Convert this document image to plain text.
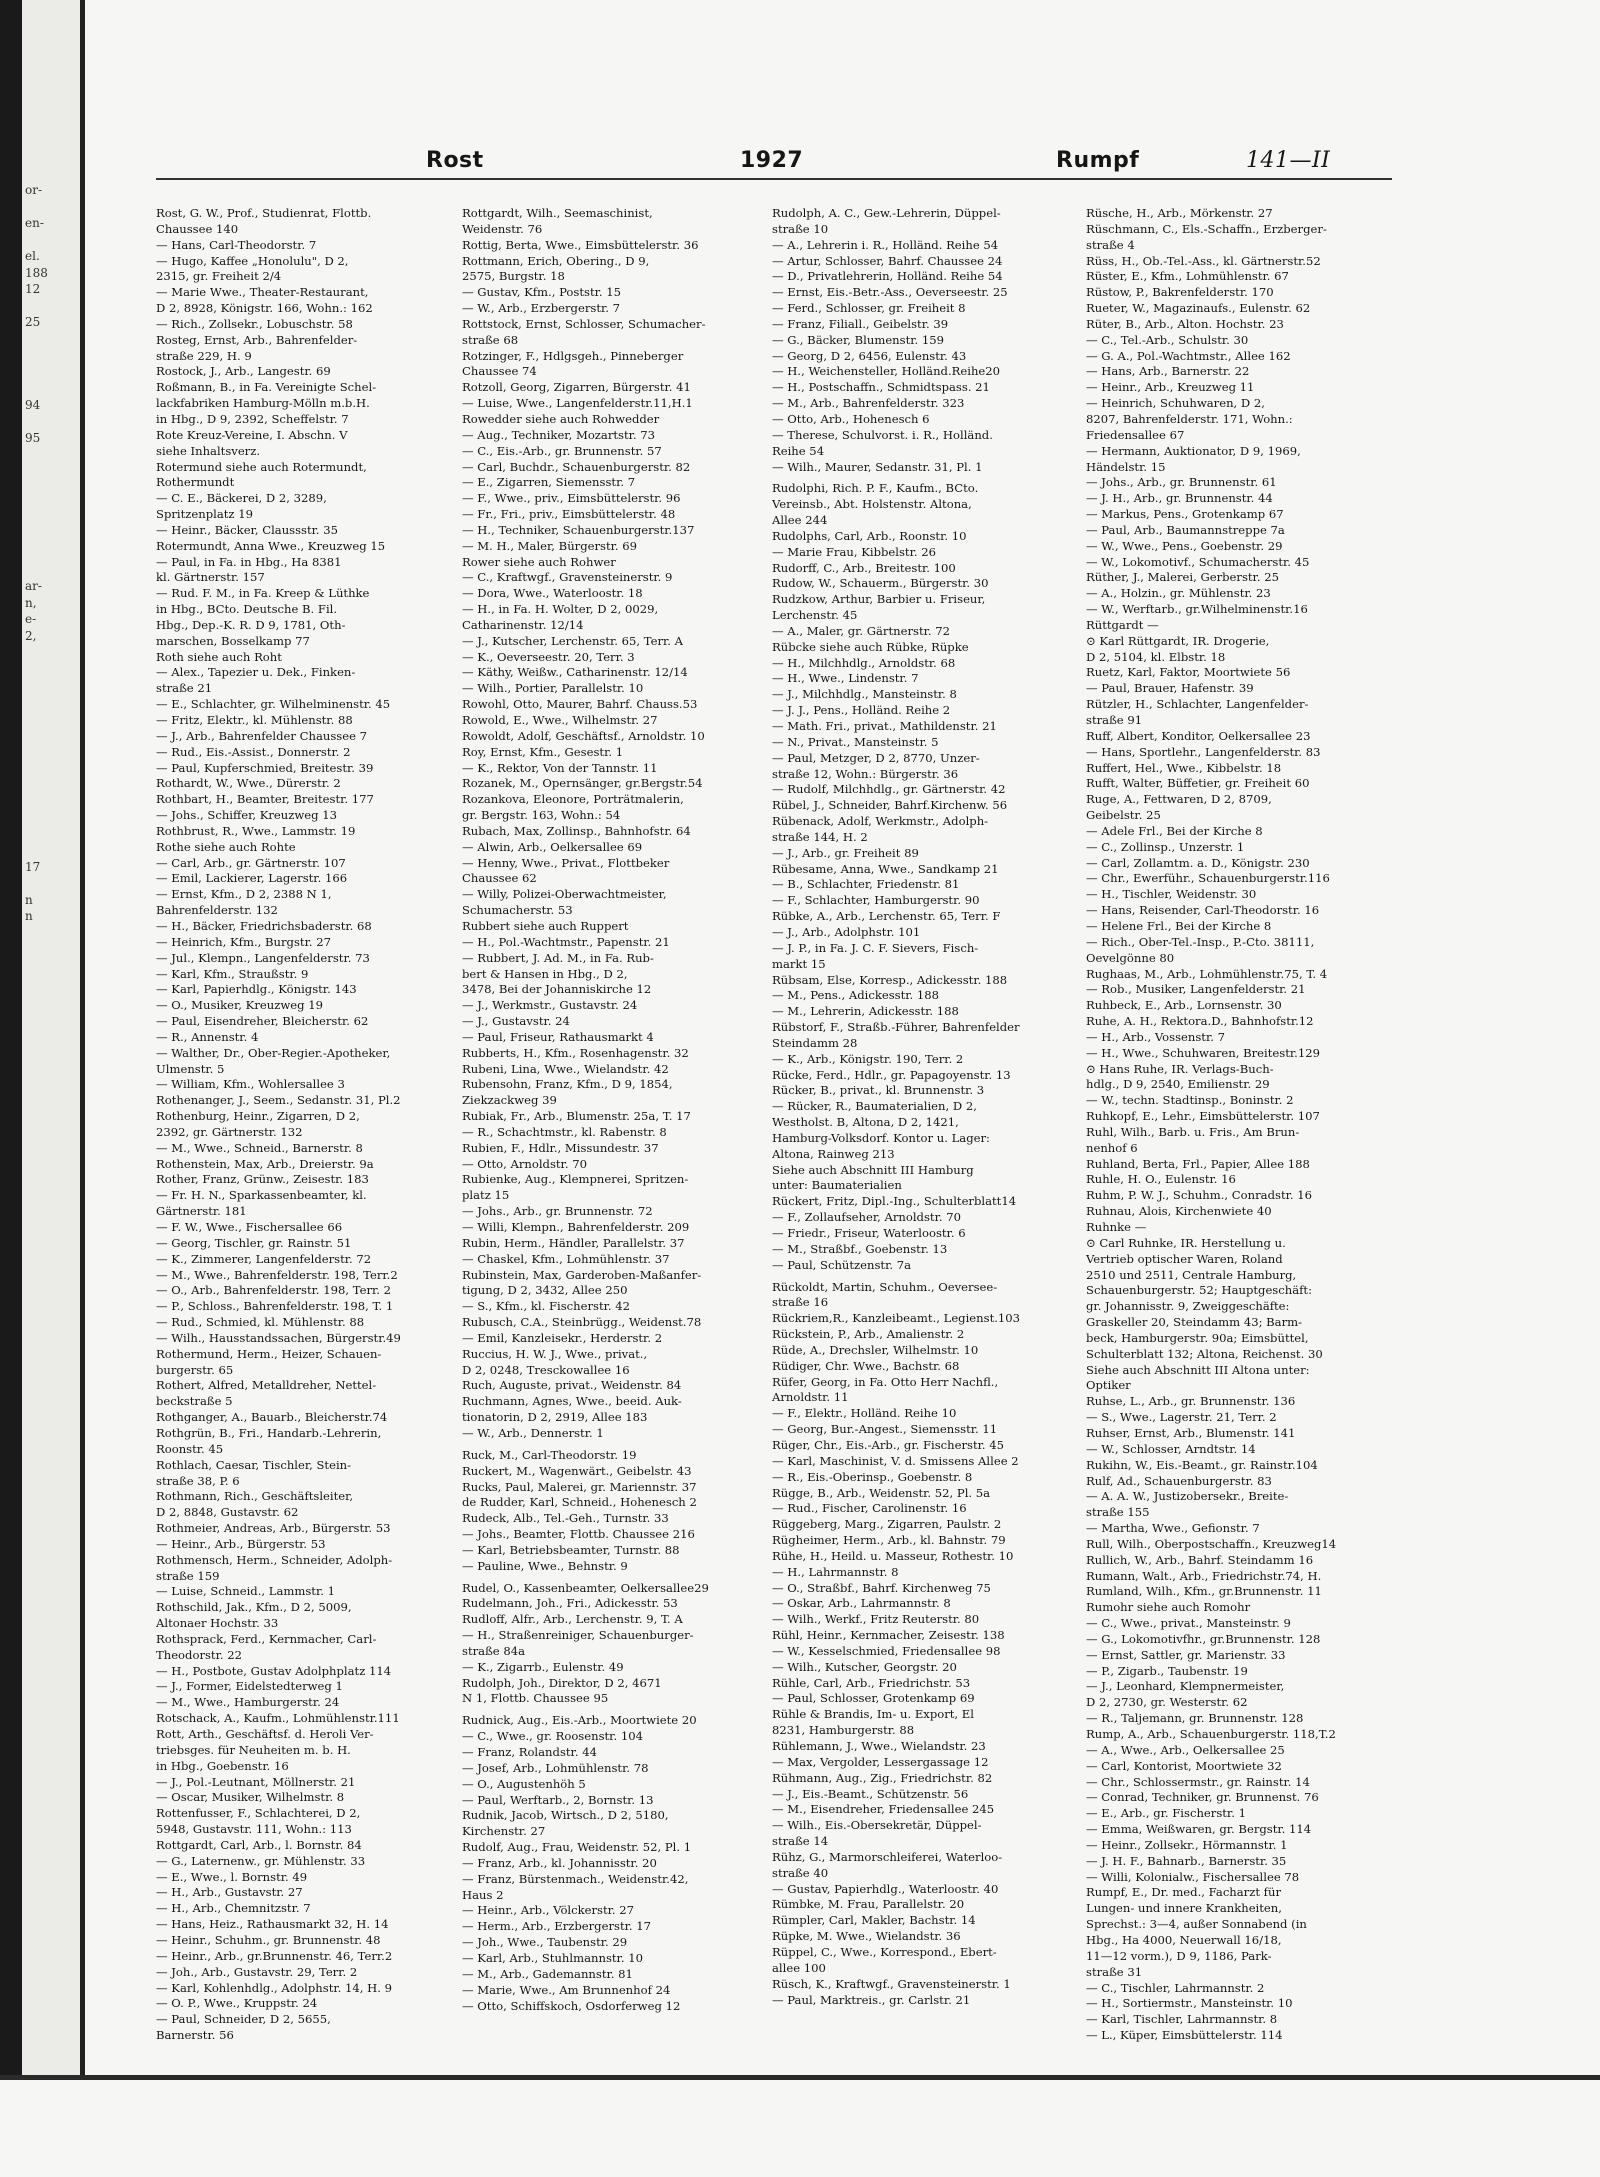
or-

en-

el.
188
12

25

94

95

ar-
n,
e-
2,

17

n
n
Rost	1927	Rumpf	141—II
Rost, G. W., Prof., Studienrat, Flottb.
Chaussee 140
— Hans, Carl-Theodorstr. 7
— Hugo, Kaffee „Honolulu", D 2,
2315, gr. Freiheit 2/4
— Marie Wwe., Theater-Restaurant,
D 2, 8928, Königstr. 166, Wohn.: 162
— Rich., Zollsekr., Lobuschstr. 58
Rosteg, Ernst, Arb., Bahrenfelder-
straße 229, H. 9
Rostock, J., Arb., Langestr. 69
Roßmann, B., in Fa. Vereinigte Schel-
lackfabriken Hamburg-Mölln m.b.H.
in Hbg., D 9, 2392, Scheffelstr. 7
Rote Kreuz-Vereine, I. Abschn. V
siehe Inhaltsverz.
Rotermund siehe auch Rotermundt,
Rothermundt
— C. E., Bäckerei, D 2, 3289,
Spritzenplatz 19
— Heinr., Bäcker, Claussstr. 35
Rotermundt, Anna Wwe., Kreuzweg 15
— Paul, in Fa. in Hbg., Ha 8381
kl. Gärtnerstr. 157
— Rud. F. M., in Fa. Kreep & Lüthke
in Hbg., BCto. Deutsche B. Fil.
Hbg., Dep.-K. R. D 9, 1781, Oth-
marschen, Bosselkamp 77
Roth siehe auch Roht
— Alex., Tapezier u. Dek., Finken-
straße 21
— E., Schlachter, gr. Wilhelminenstr. 45
— Fritz, Elektr., kl. Mühlenstr. 88
— J., Arb., Bahrenfelder Chaussee 7
— Rud., Eis.-Assist., Donnerstr. 2
— Paul, Kupferschmied, Breitestr. 39
Rothardt, W., Wwe., Dürerstr. 2
Rothbart, H., Beamter, Breitestr. 177
— Johs., Schiffer, Kreuzweg 13
Rothbrust, R., Wwe., Lammstr. 19
Rothe siehe auch Rohte
— Carl, Arb., gr. Gärtnerstr. 107
— Emil, Lackierer, Lagerstr. 166
— Ernst, Kfm., D 2, 2388 N 1,
Bahrenfelderstr. 132
— H., Bäcker, Friedrichsbaderstr. 68
— Heinrich, Kfm., Burgstr. 27
— Jul., Klempn., Langenfelderstr. 73
— Karl, Kfm., Straußstr. 9
— Karl, Papierhdlg., Königstr. 143
— O., Musiker, Kreuzweg 19
— Paul, Eisendreher, Bleicherstr. 62
— R., Annenstr. 4
— Walther, Dr., Ober-Regier.-Apotheker,
Ulmenstr. 5
— William, Kfm., Wohlersallee 3
Rothenanger, J., Seem., Sedanstr. 31, Pl.2
Rothenburg, Heinr., Zigarren, D 2,
2392, gr. Gärtnerstr. 132
— M., Wwe., Schneid., Barnerstr. 8
Rothenstein, Max, Arb., Dreierstr. 9a
Rother, Franz, Grünw., Zeisestr. 183
— Fr. H. N., Sparkassenbeamter, kl.
Gärtnerstr. 181
— F. W., Wwe., Fischersallee 66
— Georg, Tischler, gr. Rainstr. 51
— K., Zimmerer, Langenfelderstr. 72
— M., Wwe., Bahrenfelderstr. 198, Terr.2
— O., Arb., Bahrenfelderstr. 198, Terr. 2
— P., Schloss., Bahrenfelderstr. 198, T. 1
— Rud., Schmied, kl. Mühlenstr. 88
— Wilh., Hausstandssachen, Bürgerstr.49
Rothermund, Herm., Heizer, Schauen-
burgerstr. 65
Rothert, Alfred, Metalldreher, Nettel-
beckstraße 5
Rothganger, A., Bauarb., Bleicherstr.74
Rothgrün, B., Fri., Handarb.-Lehrerin,
Roonstr. 45
Rothlach, Caesar, Tischler, Stein-
straße 38, P. 6
Rothmann, Rich., Geschäftsleiter,
D 2, 8848, Gustavstr. 62
Rothmeier, Andreas, Arb., Bürgerstr. 53
— Heinr., Arb., Bürgerstr. 53
Rothmensch, Herm., Schneider, Adolph-
straße 159
— Luise, Schneid., Lammstr. 1
Rothschild, Jak., Kfm., D 2, 5009,
Altonaer Hochstr. 33
Rothsprack, Ferd., Kernmacher, Carl-
Theodorstr. 22
— H., Postbote, Gustav Adolphplatz 114
— J., Former, Eidelstedterweg 1
— M., Wwe., Hamburgerstr. 24
Rotschack, A., Kaufm., Lohmühlenstr.111
Rott, Arth., Geschäftsf. d. Heroli Ver-
triebsges. für Neuheiten m. b. H.
in Hbg., Goebenstr. 16
— J., Pol.-Leutnant, Möllnerstr. 21
— Oscar, Musiker, Wilhelmstr. 8
Rottenfusser, F., Schlachterei, D 2,
5948, Gustavstr. 111, Wohn.: 113
Rottgardt, Carl, Arb., l. Bornstr. 84
— G., Laternenw., gr. Mühlenstr. 33
— E., Wwe., l. Bornstr. 49
— H., Arb., Gustavstr. 27
— H., Arb., Chemnitzstr. 7
— Hans, Heiz., Rathausmarkt 32, H. 14
— Heinr., Schuhm., gr. Brunnenstr. 48
— Heinr., Arb., gr.Brunnenstr. 46, Terr.2
— Joh., Arb., Gustavstr. 29, Terr. 2
— Karl, Kohlenhdlg., Adolphstr. 14, H. 9
— O. P., Wwe., Kruppstr. 24
— Paul, Schneider, D 2, 5655,
Barnerstr. 56
Rottgardt, Wilh., Seemaschinist,
Weidenstr. 76
Rottig, Berta, Wwe., Eimsbüttelerstr. 36
Rottmann, Erich, Obering., D 9,
2575, Burgstr. 18
— Gustav, Kfm., Poststr. 15
— W., Arb., Erzbergerstr. 7
Rottstock, Ernst, Schlosser, Schumacher-
straße 68
Rotzinger, F., Hdlgsgeh., Pinneberger
Chaussee 74
Rotzoll, Georg, Zigarren, Bürgerstr. 41
— Luise, Wwe., Langenfelderstr.11,H.1
Rowedder siehe auch Rohwedder
— Aug., Techniker, Mozartstr. 73
— C., Eis.-Arb., gr. Brunnenstr. 57
— Carl, Buchdr., Schauenburgerstr. 82
— E., Zigarren, Siemensstr. 7
— F., Wwe., priv., Eimsbüttelerstr. 96
— Fr., Fri., priv., Eimsbüttelerstr. 48
— H., Techniker, Schauenburgerstr.137
— M. H., Maler, Bürgerstr. 69
Rower siehe auch Rohwer
— C., Kraftwgf., Gravensteinerstr. 9
— Dora, Wwe., Waterloostr. 18
— H., in Fa. H. Wolter, D 2, 0029,
Catharinenstr. 12/14
— J., Kutscher, Lerchenstr. 65, Terr. A
— K., Oeverseestr. 20, Terr. 3
— Käthy, Weißw., Catharinenstr. 12/14
— Wilh., Portier, Parallelstr. 10
Rowohl, Otto, Maurer, Bahrf. Chauss.53
Rowold, E., Wwe., Wilhelmstr. 27
Rowoldt, Adolf, Geschäftsf., Arnoldstr. 10
Roy, Ernst, Kfm., Gesestr. 1
— K., Rektor, Von der Tannstr. 11
Rozanek, M., Opernsänger, gr.Bergstr.54
Rozankova, Eleonore, Porträtmalerin,
gr. Bergstr. 163, Wohn.: 54
Rubach, Max, Zollinsp., Bahnhofstr. 64
— Alwin, Arb., Oelkersallee 69
— Henny, Wwe., Privat., Flottbeker
Chaussee 62
— Willy, Polizei-Oberwachtmeister,
Schumacherstr. 53
Rubbert siehe auch Ruppert
— H., Pol.-Wachtmstr., Papenstr. 21
— Rubbert, J. Ad. M., in Fa. Rub-
bert & Hansen in Hbg., D 2,
3478, Bei der Johanniskirche 12
— J., Werkmstr., Gustavstr. 24
— J., Gustavstr. 24
— Paul, Friseur, Rathausmarkt 4
Rubberts, H., Kfm., Rosenhagenstr. 32
Rubeni, Lina, Wwe., Wielandstr. 42
Rubensohn, Franz, Kfm., D 9, 1854,
Ziekzackweg 39
Rubiak, Fr., Arb., Blumenstr. 25a, T. 17
— R., Schachtmstr., kl. Rabenstr. 8
Rubien, F., Hdlr., Missundestr. 37
— Otto, Arnoldstr. 70
Rubienke, Aug., Klempnerei, Spritzen-
platz 15
— Johs., Arb., gr. Brunnenstr. 72
— Willi, Klempn., Bahrenfelderstr. 209
Rubin, Herm., Händler, Parallelstr. 37
— Chaskel, Kfm., Lohmühlenstr. 37
Rubinstein, Max, Garderoben-Maßanfer-
tigung, D 2, 3432, Allee 250
— S., Kfm., kl. Fischerstr. 42
Rubusch, C.A., Steinbrügg., Weidenst.78
— Emil, Kanzleisekr., Herderstr. 2
Ruccius, H. W. J., Wwe., privat.,
D 2, 0248, Tresckowallee 16
Ruch, Auguste, privat., Weidenstr. 84
Ruchmann, Agnes, Wwe., beeid. Auk-
tionatorin, D 2, 2919, Allee 183
— W., Arb., Dennerstr. 1
Ruck, M., Carl-Theodorstr. 19
Ruckert, M., Wagenwärt., Geibelstr. 43
Rucks, Paul, Malerei, gr. Mariennstr. 37
de Rudder, Karl, Schneid., Hohenesch 2
Rudeck, Alb., Tel.-Geh., Turnstr. 33
— Johs., Beamter, Flottb. Chaussee 216
— Karl, Betriebsbeamter, Turnstr. 88
— Pauline, Wwe., Behnstr. 9
Rudel, O., Kassenbeamter, Oelkersallee29
Rudelmann, Joh., Fri., Adickesstr. 53
Rudloff, Alfr., Arb., Lerchenstr. 9, T. A
— H., Straßenreiniger, Schauenburger-
straße 84a
— K., Zigarrb., Eulenstr. 49
Rudolph, Joh., Direktor, D 2, 4671
N 1, Flottb. Chaussee 95
Rudnick, Aug., Eis.-Arb., Moortwiete 20
— C., Wwe., gr. Roosenstr. 104
— Franz, Rolandstr. 44
— Josef, Arb., Lohmühlenstr. 78
— O., Augustenhöh 5
— Paul, Werftarb., 2, Bornstr. 13
Rudnik, Jacob, Wirtsch., D 2, 5180,
Kirchenstr. 27
Rudolf, Aug., Frau, Weidenstr. 52, Pl. 1
— Franz, Arb., kl. Johannisstr. 20
— Franz, Bürstenmach., Weidenstr.42,
Haus 2
— Heinr., Arb., Völckerstr. 27
— Herm., Arb., Erzbergerstr. 17
— Joh., Wwe., Taubenstr. 29
— Karl, Arb., Stuhlmannstr. 10
— M., Arb., Gademannstr. 81
— Marie, Wwe., Am Brunnenhof 24
— Otto, Schiffskoch, Osdorferweg 12
Rudolph, A. C., Gew.-Lehrerin, Düppel-
straße 10
— A., Lehrerin i. R., Holländ. Reihe 54
— Artur, Schlosser, Bahrf. Chaussee 24
— D., Privatlehrerin, Holländ. Reihe 54
— Ernst, Eis.-Betr.-Ass., Oeverseestr. 25
— Ferd., Schlosser, gr. Freiheit 8
— Franz, Filiall., Geibelstr. 39
— G., Bäcker, Blumenstr. 159
— Georg, D 2, 6456, Eulenstr. 43
— H., Weichensteller, Holländ.Reihe20
— H., Postschaffn., Schmidtspass. 21
— M., Arb., Bahrenfelderstr. 323
— Otto, Arb., Hohenesch 6
— Therese, Schulvorst. i. R., Holländ.
Reihe 54
— Wilh., Maurer, Sedanstr. 31, Pl. 1
Rudolphi, Rich. P. F., Kaufm., BCto.
Vereinsb., Abt. Holstenstr. Altona,
Allee 244
Rudolphs, Carl, Arb., Roonstr. 10
— Marie Frau, Kibbelstr. 26
Rudorff, C., Arb., Breitestr. 100
Rudow, W., Schauerm., Bürgerstr. 30
Rudzkow, Arthur, Barbier u. Friseur,
Lerchenstr. 45
— A., Maler, gr. Gärtnerstr. 72
Rübcke siehe auch Rübke, Rüpke
— H., Milchhdlg., Arnoldstr. 68
— H., Wwe., Lindenstr. 7
— J., Milchhdlg., Mansteinstr. 8
— J. J., Pens., Holländ. Reihe 2
— Math. Fri., privat., Mathildenstr. 21
— N., Privat., Mansteinstr. 5
— Paul, Metzger, D 2, 8770, Unzer-
straße 12, Wohn.: Bürgerstr. 36
— Rudolf, Milchhdlg., gr. Gärtnerstr. 42
Rübel, J., Schneider, Bahrf.Kirchenw. 56
Rübenack, Adolf, Werkmstr., Adolph-
straße 144, H. 2
— J., Arb., gr. Freiheit 89
Rübesame, Anna, Wwe., Sandkamp 21
— B., Schlachter, Friedenstr. 81
— F., Schlachter, Hamburgerstr. 90
Rübke, A., Arb., Lerchenstr. 65, Terr. F
— J., Arb., Adolphstr. 101
— J. P., in Fa. J. C. F. Sievers, Fisch-
markt 15
Rübsam, Else, Korresp., Adickesstr. 188
— M., Pens., Adickesstr. 188
— M., Lehrerin, Adickesstr. 188
Rübstorf, F., Straßb.-Führer, Bahrenfelder
Steindamm 28
— K., Arb., Königstr. 190, Terr. 2
Rücke, Ferd., Hdlr., gr. Papagoyenstr. 13
Rücker, B., privat., kl. Brunnenstr. 3
— Rücker, R., Baumaterialien, D 2,
Westholst. B, Altona, D 2, 1421,
Hamburg-Volksdorf. Kontor u. Lager:
Altona, Rainweg 213
Siehe auch Abschnitt III Hamburg
unter: Baumaterialien
Rückert, Fritz, Dipl.-Ing., Schulterblatt14
— F., Zollaufseher, Arnoldstr. 70
— Friedr., Friseur, Waterloostr. 6
— M., Straßbf., Goebenstr. 13
— Paul, Schützenstr. 7a
Rückoldt, Martin, Schuhm., Oeversee-
straße 16
Rückriem,R., Kanzleibeamt., Legienst.103
Rückstein, P., Arb., Amalienstr. 2
Rüde, A., Drechsler, Wilhelmstr. 10
Rüdiger, Chr. Wwe., Bachstr. 68
Rüfer, Georg, in Fa. Otto Herr Nachfl.,
Arnoldstr. 11
— F., Elektr., Holländ. Reihe 10
— Georg, Bur.-Angest., Siemensstr. 11
Rüger, Chr., Eis.-Arb., gr. Fischerstr. 45
— Karl, Maschinist, V. d. Smissens Allee 2
— R., Eis.-Oberinsp., Goebenstr. 8
Rügge, B., Arb., Weidenstr. 52, Pl. 5a
— Rud., Fischer, Carolinenstr. 16
Rüggeberg, Marg., Zigarren, Paulstr. 2
Rügheimer, Herm., Arb., kl. Bahnstr. 79
Rühe, H., Heild. u. Masseur, Rothestr. 10
— H., Lahrmannstr. 8
— O., Straßbf., Bahrf. Kirchenweg 75
— Oskar, Arb., Lahrmannstr. 8
— Wilh., Werkf., Fritz Reuterstr. 80
Rühl, Heinr., Kernmacher, Zeisestr. 138
— W., Kesselschmied, Friedensallee 98
— Wilh., Kutscher, Georgstr. 20
Rühle, Carl, Arb., Friedrichstr. 53
— Paul, Schlosser, Grotenkamp 69
Rühle & Brandis, Im- u. Export, El
8231, Hamburgerstr. 88
Rühlemann, J., Wwe., Wielandstr. 23
— Max, Vergolder, Lessergassage 12
Rühmann, Aug., Zig., Friedrichstr. 82
— J., Eis.-Beamt., Schützenstr. 56
— M., Eisendreher, Friedensallee 245
— Wilh., Eis.-Obersekretär, Düppel-
straße 14
Rühz, G., Marmorschleiferei, Waterloo-
straße 40
— Gustav, Papierhdlg., Waterloostr. 40
Rümbke, M. Frau, Parallelstr. 20
Rümpler, Carl, Makler, Bachstr. 14
Rüpke, M. Wwe., Wielandstr. 36
Rüppel, C., Wwe., Korrespond., Ebert-
allee 100
Rüsch, K., Kraftwgf., Gravensteinerstr. 1
— Paul, Marktreis., gr. Carlstr. 21
Rüsche, H., Arb., Mörkenstr. 27
Rüschmann, C., Els.-Schaffn., Erzberger-
straße 4
Rüss, H., Ob.-Tel.-Ass., kl. Gärtnerstr.52
Rüster, E., Kfm., Lohmühlenstr. 67
Rüstow, P., Bakrenfelderstr. 170
Rueter, W., Magazinaufs., Eulenstr. 62
Rüter, B., Arb., Alton. Hochstr. 23
— C., Tel.-Arb., Schulstr. 30
— G. A., Pol.-Wachtmstr., Allee 162
— Hans, Arb., Barnerstr. 22
— Heinr., Arb., Kreuzweg 11
— Heinrich, Schuhwaren, D 2,
8207, Bahrenfelderstr. 171, Wohn.:
Friedensallee 67
— Hermann, Auktionator, D 9, 1969,
Händelstr. 15
— Johs., Arb., gr. Brunnenstr. 61
— J. H., Arb., gr. Brunnenstr. 44
— Markus, Pens., Grotenkamp 67
— Paul, Arb., Baumannstreppe 7a
— W., Wwe., Pens., Goebenstr. 29
— W., Lokomotivf., Schumacherstr. 45
Rüther, J., Malerei, Gerberstr. 25
— A., Holzin., gr. Mühlenstr. 23
— W., Werftarb., gr.Wilhelminenstr.16
Rüttgardt —
⊙ Karl Rüttgardt, IR. Drogerie,
D 2, 5104, kl. Elbstr. 18
Ruetz, Karl, Faktor, Moortwiete 56
— Paul, Brauer, Hafenstr. 39
Rützler, H., Schlachter, Langenfelder-
straße 91
Ruff, Albert, Konditor, Oelkersallee 23
— Hans, Sportlehr., Langenfelderstr. 83
Ruffert, Hel., Wwe., Kibbelstr. 18
Rufft, Walter, Büffetier, gr. Freiheit 60
Ruge, A., Fettwaren, D 2, 8709,
Geibelstr. 25
— Adele Frl., Bei der Kirche 8
— C., Zollinsp., Unzerstr. 1
— Carl, Zollamtm. a. D., Königstr. 230
— Chr., Ewerführ., Schauenburgerstr.116
— H., Tischler, Weidenstr. 30
— Hans, Reisender, Carl-Theodorstr. 16
— Helene Frl., Bei der Kirche 8
— Rich., Ober-Tel.-Insp., P.-Cto. 38111,
Oevelgönne 80
Rughaas, M., Arb., Lohmühlenstr.75, T. 4
— Rob., Musiker, Langenfelderstr. 21
Ruhbeck, E., Arb., Lornsenstr. 30
Ruhe, A. H., Rektora.D., Bahnhofstr.12
— H., Arb., Vossenstr. 7
— H., Wwe., Schuhwaren, Breitestr.129
⊙ Hans Ruhe, IR. Verlags-Buch-
hdlg., D 9, 2540, Emilienstr. 29
— W., techn. Stadtinsp., Boninstr. 2
Ruhkopf, E., Lehr., Eimsbüttelerstr. 107
Ruhl, Wilh., Barb. u. Fris., Am Brun-
nenhof 6
Ruhland, Berta, Frl., Papier, Allee 188
Ruhle, H. O., Eulenstr. 16
Ruhm, P. W. J., Schuhm., Conradstr. 16
Ruhnau, Alois, Kirchenwiete 40
Ruhnke —
⊙ Carl Ruhnke, IR. Herstellung u.
Vertrieb optischer Waren, Roland
2510 und 2511, Centrale Hamburg,
Schauenburgerstr. 52; Hauptgeschäft:
gr. Johannisstr. 9, Zweiggeschäfte:
Graskeller 20, Steindamm 43; Barm-
beck, Hamburgerstr. 90a; Eimsbüttel,
Schulterblatt 132; Altona, Reichenst. 30
Siehe auch Abschnitt III Altona unter:
Optiker
Ruhse, L., Arb., gr. Brunnenstr. 136
— S., Wwe., Lagerstr. 21, Terr. 2
Ruhser, Ernst, Arb., Blumenstr. 141
— W., Schlosser, Arndtstr. 14
Rukihn, W., Eis.-Beamt., gr. Rainstr.104
Rulf, Ad., Schauenburgerstr. 83
— A. A. W., Justizobersekr., Breite-
straße 155
— Martha, Wwe., Gefionstr. 7
Rull, Wilh., Oberpostschaffn., Kreuzweg14
Rullich, W., Arb., Bahrf. Steindamm 16
Rumann, Walt., Arb., Friedrichstr.74, H.
Rumland, Wilh., Kfm., gr.Brunnenstr. 11
Rumohr siehe auch Romohr
— C., Wwe., privat., Mansteinstr. 9
— G., Lokomotivfhr., gr.Brunnenstr. 128
— Ernst, Sattler, gr. Marienstr. 33
— P., Zigarb., Taubenstr. 19
— J., Leonhard, Klempnermeister,
D 2, 2730, gr. Westerstr. 62
— R., Taljemann, gr. Brunnenstr. 128
Rump, A., Arb., Schauenburgerstr. 118,T.2
— A., Wwe., Arb., Oelkersallee 25
— Carl, Kontorist, Moortwiete 32
— Chr., Schlossermstr., gr. Rainstr. 14
— Conrad, Techniker, gr. Brunnenst. 76
— E., Arb., gr. Fischerstr. 1
— Emma, Weißwaren, gr. Bergstr. 114
— Heinr., Zollsekr., Hörmannstr. 1
— J. H. F., Bahnarb., Barnerstr. 35
— Willi, Kolonialw., Fischersallee 78
Rumpf, E., Dr. med., Facharzt für
Lungen- und innere Krankheiten,
Sprechst.: 3—4, außer Sonnabend (in
Hbg., Ha 4000, Neuerwall 16/18,
11—12 vorm.), D 9, 1186, Park-
straße 31
— C., Tischler, Lahrmannstr. 2
— H., Sortiermstr., Mansteinstr. 10
— Karl, Tischler, Lahrmannstr. 8
— L., Küper, Eimsbüttelerstr. 114
